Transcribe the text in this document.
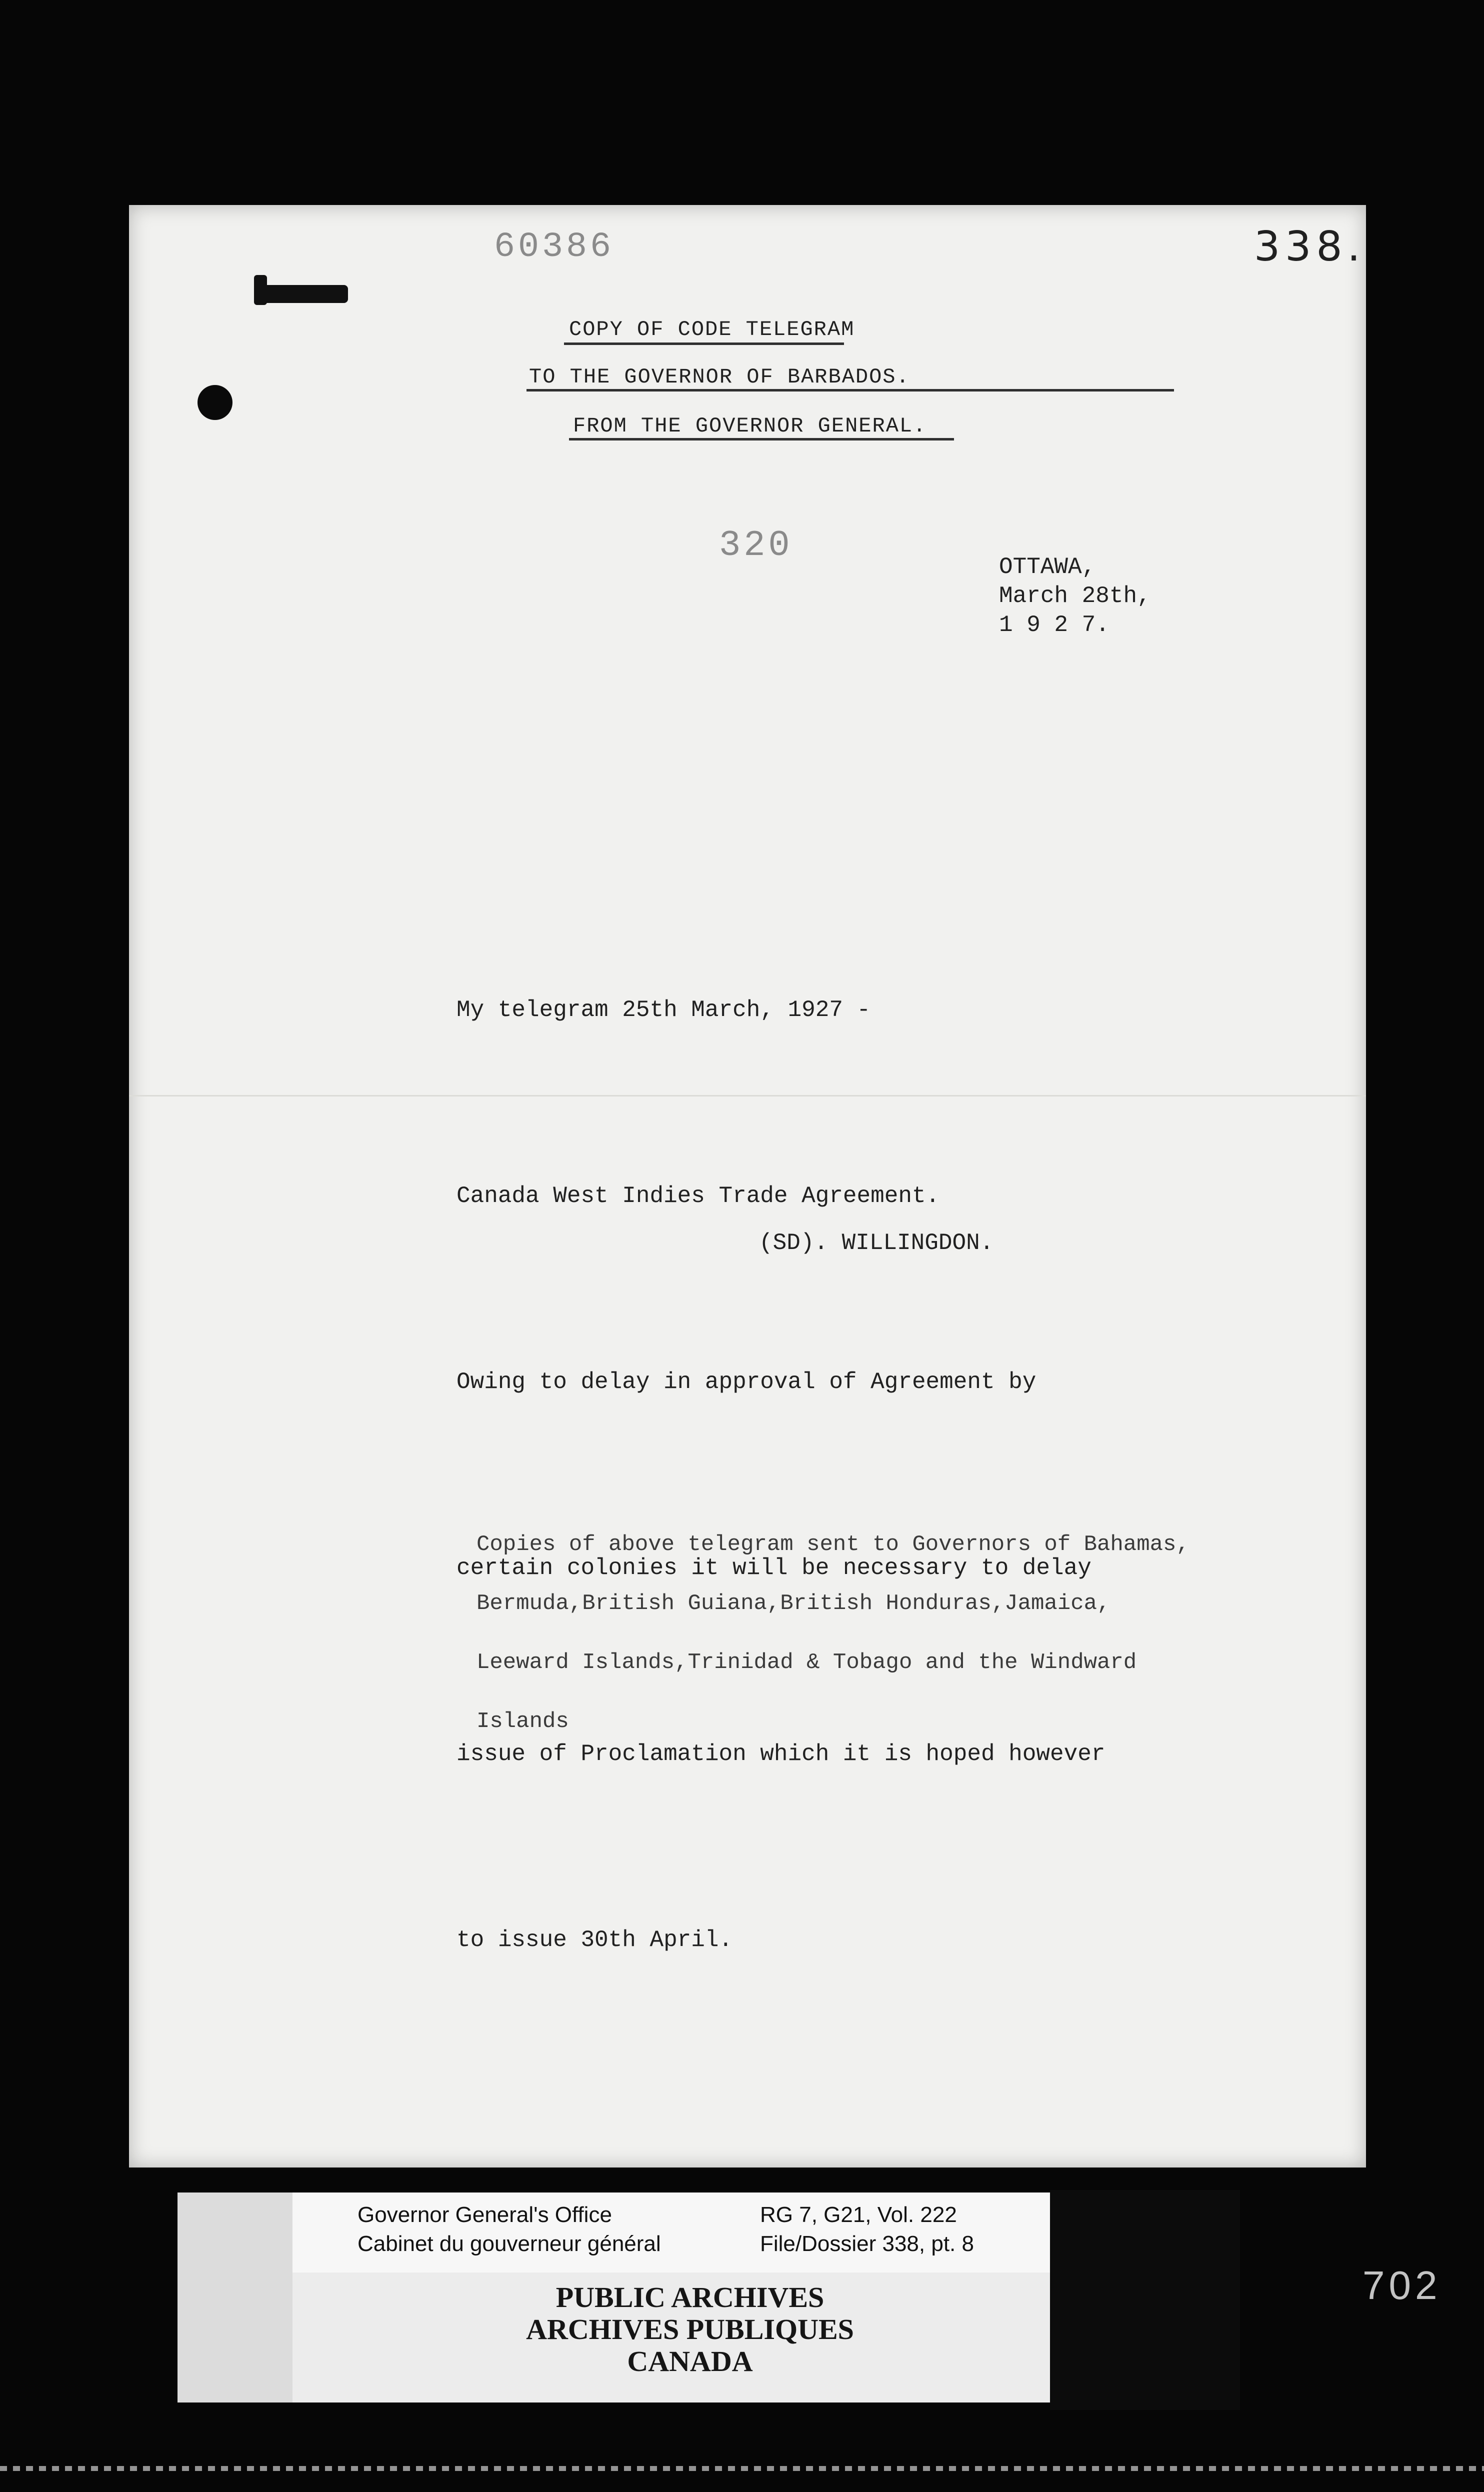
60386	338.
COPY OF CODE TELEGRAM
TO THE GOVERNOR OF BARBADOS.
FROM THE GOVERNOR GENERAL.
320
OTTAWA,
March 28th,
1 9 2 7.

My telegram 25th March, 1927 -

Canada West Indies Trade Agreement.

Owing to delay in approval of Agreement by

certain colonies it will be necessary to delay

issue of Proclamation which it is hoped however

to issue 30th April.

(SD). WILLINGDON.
Copies of above telegram sent to Governors of Bahamas,
Bermuda,British Guiana,British Honduras,Jamaica,
Leeward Islands,Trinidad & Tobago and the Windward
Islands
Governor General's Office
Cabinet du gouverneur général
RG 7, G21, Vol. 222
File/Dossier 338, pt. 8
PUBLIC ARCHIVES
ARCHIVES PUBLIQUES
CANADA
702
